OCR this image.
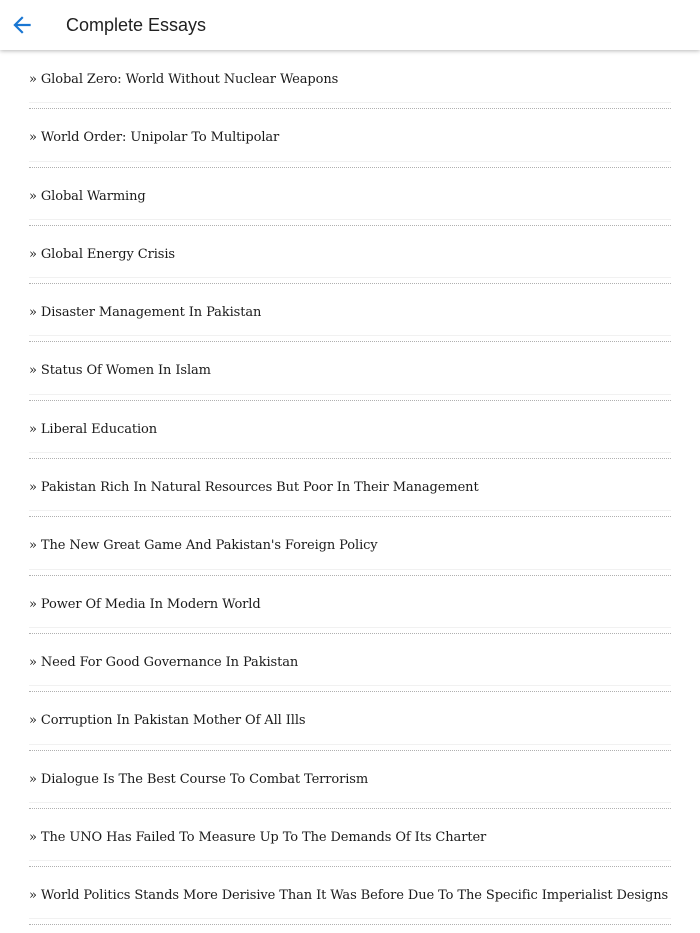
Complete Essays
» Global Zero: World Without Nuclear Weapons
» World Order: Unipolar To Multipolar
» Global Warming
» Global Energy Crisis
» Disaster Management In Pakistan
» Status Of Women In Islam
» Liberal Education
» Pakistan Rich In Natural Resources But Poor In Their Management
» The New Great Game And Pakistan's Foreign Policy
» Power Of Media In Modern World
» Need For Good Governance In Pakistan
» Corruption In Pakistan Mother Of All Ills
» Dialogue Is The Best Course To Combat Terrorism
» The UNO Has Failed To Measure Up To The Demands Of Its Charter
» World Politics Stands More Derisive Than It Was Before Due To The Specific Imperialist Designs
